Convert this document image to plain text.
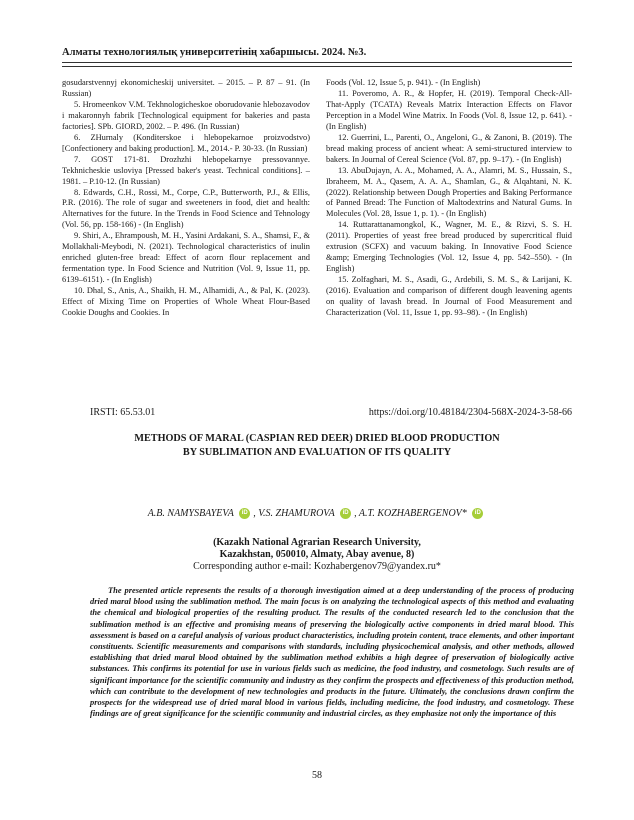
Алматы технологиялық университетінің хабаршысы. 2024. №3.

gosudarstvennyj ekonomicheskij universitet. – 2015. – P. 87 – 91. (In Russian)

5. Hromeenkov V.M. Tekhnologicheskoe oborudovanie hlebozavodov i makaronnyh fabrik [Technological equipment for bakeries and pasta factories]. SPb. GIORD, 2002. – P. 496. (In Russian)

6. ZHurnaly (Konditerskoe i hlebopekarnoe proizvodstvo) [Confectionery and baking production]. M., 2014.- P. 30-33. (In Russian)

7. GOST 171-81. Drozhzhi hlebopekarnye pressovannye. Tekhnicheskie usloviya [Pressed baker's yeast. Technical conditions]. – 1981. – P.10-12. (In Russian)

8. Edwards, C.H., Rossi, M., Corpe, C.P., Butterworth, P.J., & Ellis, P.R. (2016). The role of sugar and sweeteners in food, diet and health: Alternatives for the future. In the Trends in Food Science and Tehnology (Vol. 56, pp. 158-166) - (In English)

9. Shiri, A., Ehrampoush, M. H., Yasini Ardakani, S. A., Shamsi, F., & Mollakhali-Meybodi, N. (2021). Technological characteristics of inulin enriched gluten-free bread: Effect of acorn flour replacement and fermentation type. In Food Science and Nutrition (Vol. 9, Issue 11, pp. 6139–6151). - (In English)

10. Dhal, S., Anis, A., Shaikh, H. M., Alhamidi, A., & Pal, K. (2023). Effect of Mixing Time on Properties of Whole Wheat Flour-Based Cookie Doughs and Cookies. In

Foods (Vol. 12, Issue 5, p. 941). - (In English)

11. Poveromo, A. R., & Hopfer, H. (2019). Temporal Check-All-That-Apply (TCATA) Reveals Matrix Interaction Effects on Flavor Perception in a Model Wine Matrix. In Foods (Vol. 8, Issue 12, p. 641). - (In English)

12. Guerrini, L., Parenti, O., Angeloni, G., & Zanoni, B. (2019). The bread making process of ancient wheat: A semi-structured interview to bakers. In Journal of Cereal Science (Vol. 87, pp. 9–17). - (In English)

13. AbuDujayn, A. A., Mohamed, A. A., Alamri, M. S., Hussain, S., Ibraheem, M. A., Qasem, A. A. A., Shamlan, G., & Alqahtani, N. K. (2022). Relationship between Dough Properties and Baking Performance of Panned Bread: The Function of Maltodextrins and Natural Gums. In Molecules (Vol. 28, Issue 1, p. 1). - (In English)

14. Ruttarattanamongkol, K., Wagner, M. E., & Rizvi, S. S. H. (2011). Properties of yeast free bread produced by supercritical fluid extrusion (SCFX) and vacuum baking. In Innovative Food Science &amp; Emerging Technologies (Vol. 12, Issue 4, pp. 542–550). - (In English)

15. Zolfaghari, M. S., Asadi, G., Ardebili, S. M. S., & Larijani, K. (2016). Evaluation and comparison of different dough leavening agents on quality of lavash bread. In Journal of Food Measurement and Characterization (Vol. 11, Issue 1, pp. 93–98). - (In English)

IRSTI: 65.53.01	https://doi.org/10.48184/2304-568X-2024-3-58-66
METHODS OF MARAL (CASPIAN RED DEER) DRIED BLOOD PRODUCTION
BY SUBLIMATION AND EVALUATION OF ITS QUALITY
A.B. NAMYSBAYEVA iD , V.S. ZHAMUROVA iD , A.T. KOZHABERGENOV* iD
(Kazakh National Agrarian Research University,
Kazakhstan, 050010, Almaty, Abay avenue, 8)
Corresponding author e-mail: Kozhabergenov79@yandex.ru*

The presented article represents the results of a thorough investigation aimed at a deep understanding of the process of producing dried maral blood using the sublimation method. The main focus is on analyzing the technological aspects of this method and evaluating the chemical and biological properties of the resulting product. The results of the conducted research led to the conclusion that the sublimation method is an effective and promising means of preserving the biologically active components in dried maral blood. This assessment is based on a careful analysis of various product characteristics, including protein content, trace elements, and other important constituents. Scientific measurements and comparisons with standards, including physicochemical analysis, and other methods, allowed establishing that dried maral blood obtained by the sublimation method exhibits a high degree of preservation of biologically active substances. This confirms its potential for use in various fields such as medicine, the food industry, and cosmetology. Such results are of significant importance for the scientific community and industry as they confirm the prospects and effectiveness of this production method, which can contribute to the development of new technologies and products in the future. Ultimately, the conclusions drawn confirm the prospects for the widespread use of dried maral blood in various fields, including medicine, the food industry, and cosmetology. These findings are of great significance for the scientific community and industrial circles, as they emphasize not only the importance of this

58
